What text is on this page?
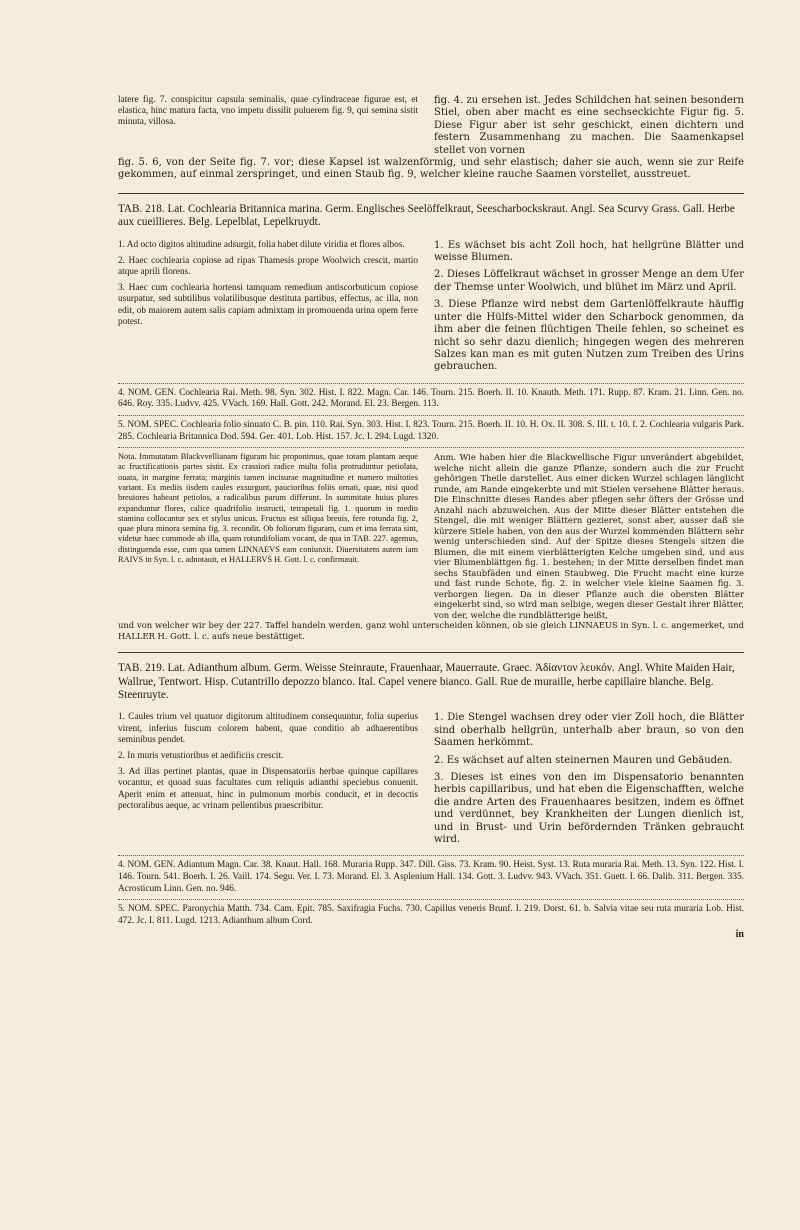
latere fig. 7. conspicitur capsula seminalis, quae cylindraceae figurae est, et elastica, hinc matura facta, vno impetu dissilit puluerem fig. 9, qui semina sistit minuta, villosa.

fig. 4. zu ersehen ist. Jedes Schildchen hat seinen besondern Stiel, oben aber macht es eine sechseckichte Figur fig. 5. Diese Figur aber ist sehr geschickt, einen dichtern und festern Zusammenhang zu machen. Die Saamenkapsel stellet von vornen

fig. 5. 6, von der Seite fig. 7. vor; diese Kapsel ist walzenförmig, und sehr elastisch; daher sie auch, wenn sie zur Reife gekommen, auf einmal zerspringet, und einen Staub fig. 9, welcher kleine rauche Saamen vorstellet, ausstreuet.

TAB. 218. Lat. Cochlearia Britannica marina. Germ. Englisches Seelöffelkraut, Seescharbockskraut. Angl. Sea Scurvy Grass. Gall. Herbe aux cueillieres. Belg. Lepelblat, Lepelkruydt.

1. Ad octo digitos altitudine adsurgit, folia habet dilute viridia et flores albos.

2. Haec cochlearia copiose ad ripas Thamesis prope Woolwich crescit, martio atque aprili florens.

3. Haec cum cochlearia hortensi tamquam remedium antiscorbuticum copiose usurpatur, sed subtilibus volatilibusque destituta partibus, effectus, ac illa, non edit, ob maiorem autem salis capiam admixtam in promouenda urina opem ferre potest.

1. Es wächset bis acht Zoll hoch, hat hellgrüne Blätter und weisse Blumen.

2. Dieses Löffelkraut wächset in grosser Menge an dem Ufer der Themse unter Woolwich, und blühet im März und April.

3. Diese Pflanze wird nebst dem Gartenlöffelkraute häuffig unter die Hülfs-Mittel wider den Scharbock genommen, da ihm aber die feinen flüchtigen Theile fehlen, so scheinet es nicht so sehr dazu dienlich; hingegen wegen des mehreren Salzes kan man es mit guten Nutzen zum Treiben des Urins gebrauchen.

4. NOM. GEN. Cochlearia Rai. Meth. 98. Syn. 302. Hist. I. 822. Magn. Car. 146. Tourn. 215. Boerh. II. 10. Knauth. Meth. 171. Rupp. 87. Kram. 21. Linn. Gen. no. 646. Roy. 335. Ludvv. 425. VVach. 169. Hall. Gott. 242. Morand. El. 23. Bergen. 113.

5. NOM. SPEC. Cochlearia folio sinuato C. B. pin. 110. Rai. Syn. 303. Hist. I. 823. Tourn. 215. Boerh. II. 10. H. Ox. II. 308. S. III. t. 10. f. 2. Cochlearia vulgaris Park. 285. Cochlearia Britannica Dod. 594. Ger. 401. Lob. Hist. 157. Jc. I. 294. Lugd. 1320.

Nota. Immutatam Blackvvellianam figuram hic proponimus, quae totam plantam aeque ac fructificationis partes sistit. Ex crassiori radice multa folia protruduntur petiolata, ouata, in margine ferrata; marginis tamen incisurae magnitudine et numero multoties variant. Ex mediis iisdem caules exsurgunt, paucioribus foliis ornati, quae, nisi quod breuiores habeant petiolos, a radicalibus parum differunt. In summitate huius plures expanduntur flores, calice quadrifolio instructi, tetrapetali fig. 1. quorum in medio stamina collocantur sex et stylus unicus. Fructus est siliqua breuis, fere rotunda fig. 2, quae plura minora semina fig. 3. recondit. Ob foliorum figuram, cum et ima ferrata sint, videtur haec commode ab illa, quam rotundifoliam vocant, de qua in TAB. 227. agemus, distinguenda esse, cum qua tamen LINNAEVS eam coniunxit. Diuersitatem autem iam RAIVS in Syn. l. c. adnotauit, et HALLERVS H. Gott. l. c. confirmauit.

Anm. Wie haben hier die Blackwellische Figur unverändert abgebildet, welche nicht allein die ganze Pflanze, sondern auch die zur Frucht gehörigen Theile darstellet. Aus einer dicken Wurzel schlagen länglicht runde, am Rande eingekerbte und mit Stielen versehene Blätter heraus. Die Einschnitte dieses Randes aber pflegen sehr öfters der Grösse und Anzahl nach abzuweichen. Aus der Mitte dieser Blätter entstehen die Stengel, die mit weniger Blättern gezieret, sonst aber, ausser daß sie kürzere Stiele haben, von den aus der Wurzel kommenden Blättern sehr wenig unterschieden sind. Auf der Spitze dieses Stengels sitzen die Blumen, die mit einem vierblätterigten Kelche umgeben sind, und aus vier Blumenblättgen fig. 1. bestehen; in der Mitte derselben findet man sechs Staubfäden und einen Staubweg. Die Frucht macht eine kurze und fast runde Schote, fig. 2. in welcher viele kleine Saamen fig. 3. verborgen liegen. Da in dieser Pflanze auch die obersten Blätter eingekerbt sind, so wird man selbige, wegen dieser Gestalt ihrer Blätter, von der, welche die rundblätterige heißt,

und von welcher wir bey der 227. Taffel handeln werden, ganz wohl unterscheiden können, ob sie gleich LINNAEUS in Syn. l. c. angemerket, und HALLER H. Gott. l. c. aufs neue bestättiget.

TAB. 219. Lat. Adianthum album. Germ. Weisse Steinraute, Frauenhaar, Mauerraute. Graec. Ἀδίαντον λευκόν. Angl. White Maiden Hair, Wallrue, Tentwort. Hisp. Cutantrillo depozzo blanco. Ital. Capel venere bianco. Gall. Rue de muraille, herbe capillaire blanche. Belg. Steenruyte.

1. Caules trium vel quatuor digitorum altitudinem consequuntur, folia superius virent, inferius fuscum colorem habent, quae conditio ab adhaerentibus seminibus pendet.

2. In muris vetustioribus et aedificiis crescit.

3. Ad illas pertinet plantas, quae in Dispensatoriis herbae quinque capillares vocantur, et quoad suas facultates cum reliquis adianthi speciebus conuenit. Aperit enim et attenuat, hinc in pulmonum morbis conducit, et in decoctis pectoralibus aeque, ac vrinam pellentibus praescribitur.

1. Die Stengel wachsen drey oder vier Zoll hoch, die Blätter sind oberhalb hellgrün, unterhalb aber braun, so von den Saamen herkömmt.

2. Es wächset auf alten steinernen Mauren und Gebäuden.

3. Dieses ist eines von den im Dispensatorio benannten herbis capillaribus, und hat eben die Eigenschafften, welche die andre Arten des Frauenhaares besitzen, indem es öffnet und verdünnet, bey Krankheiten der Lungen dienlich ist, und in Brust- und Urin befördernden Tränken gebraucht wird.

4. NOM. GEN. Adiantum Magn. Car. 38. Knaut. Hall. 168. Muraria Rupp. 347. Dill. Giss. 73. Kram. 90. Heist. Syst. 13. Ruta muraria Rai. Meth. 13. Syn. 122. Hist. I. 146. Tourn. 541. Boerh. I. 26. Vaill. 174. Segu. Ver. I. 73. Morand. El. 3. Asplenium Hall. 134. Gott. 3. Ludvv. 943. VVach. 351. Guett. I. 66. Dalib. 311. Bergen. 335. Acrosticum Linn. Gen. no. 946.

5. NOM. SPEC. Paronychia Matth. 734. Cam. Epit. 785. Saxifragia Fuchs. 730. Capillus veneris Brunf. I. 219. Dorst. 61. b. Salvia vitae seu ruta muraria Lob. Hist. 472. Jc. I. 811. Lugd. 1213. Adianthum album Cord.

in
